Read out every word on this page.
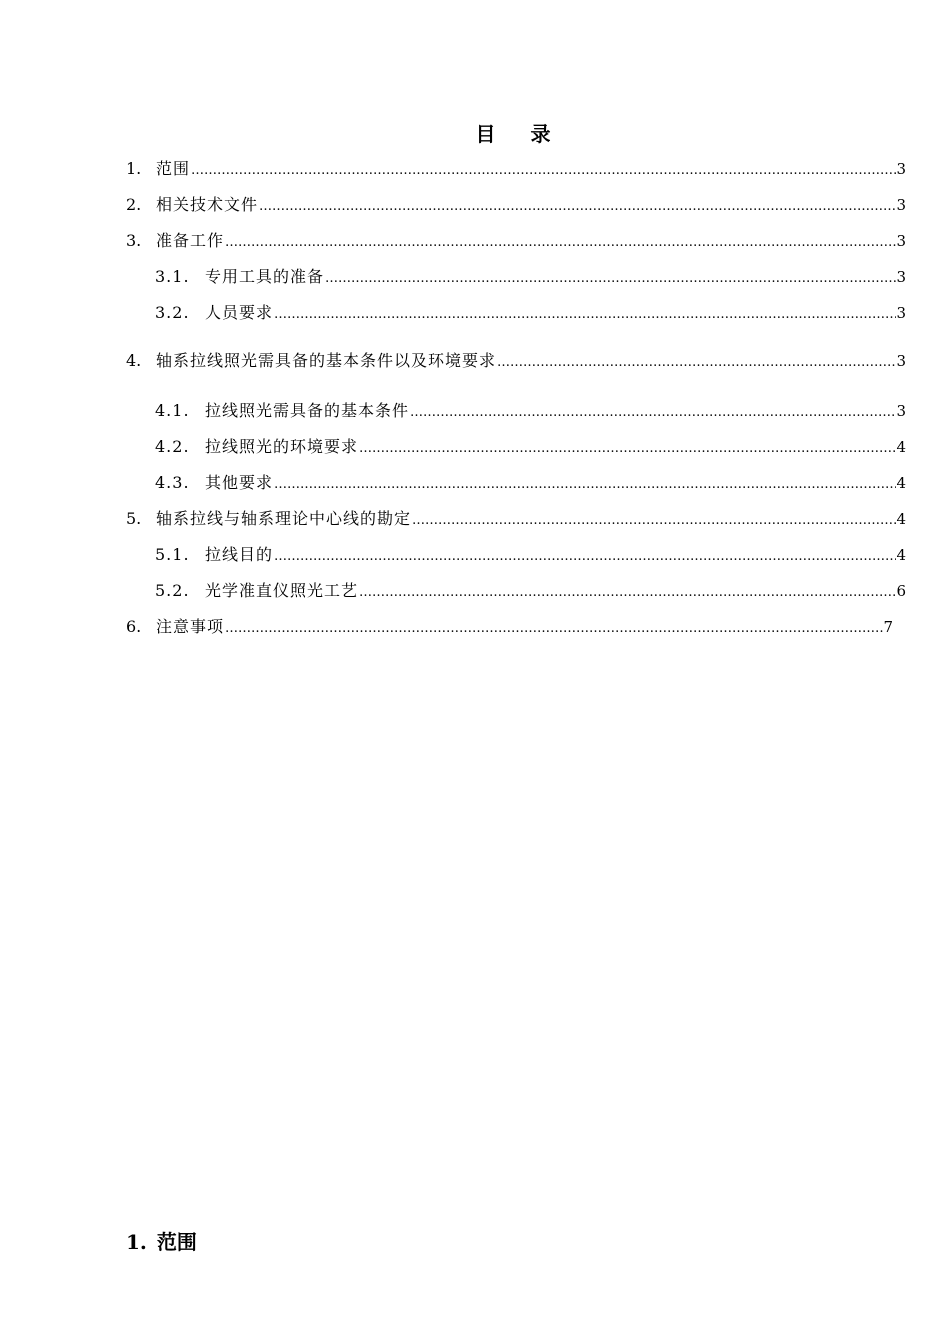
目 录
1. 范围 …………………………………………………………………………………………………………………………………………………………………………………………………………………………………………	3
2. 相关技术文件 …………………………………………………………………………………………………………………………………………………………………………………………………………………………………………	3
3. 准备工作 …………………………………………………………………………………………………………………………………………………………………………………………………………………………………………	3
3.1. 专用工具的准备 …………………………………………………………………………………………………………………………………………………………………………………………………………………………………………	3
3.2. 人员要求 …………………………………………………………………………………………………………………………………………………………………………………………………………………………………………	3
4. 轴系拉线照光需具备的基本条件以及环境要求 …………………………………………………………………………………………………………………………………………………………………………………………………………………………………………	3
4.1. 拉线照光需具备的基本条件 …………………………………………………………………………………………………………………………………………………………………………………………………………………………………………	3
4.2. 拉线照光的环境要求 …………………………………………………………………………………………………………………………………………………………………………………………………………………………………………	4
4.3. 其他要求 …………………………………………………………………………………………………………………………………………………………………………………………………………………………………………	4
5. 轴系拉线与轴系理论中心线的勘定 …………………………………………………………………………………………………………………………………………………………………………………………………………………………………………	4
5.1. 拉线目的 …………………………………………………………………………………………………………………………………………………………………………………………………………………………………………	4
5.2. 光学准直仪照光工艺 …………………………………………………………………………………………………………………………………………………………………………………………………………………………………………	6
6. 注意事项 …………………………………………………………………………………………………………………………………………………………………………………………………………………………………………	7
1. 范围
